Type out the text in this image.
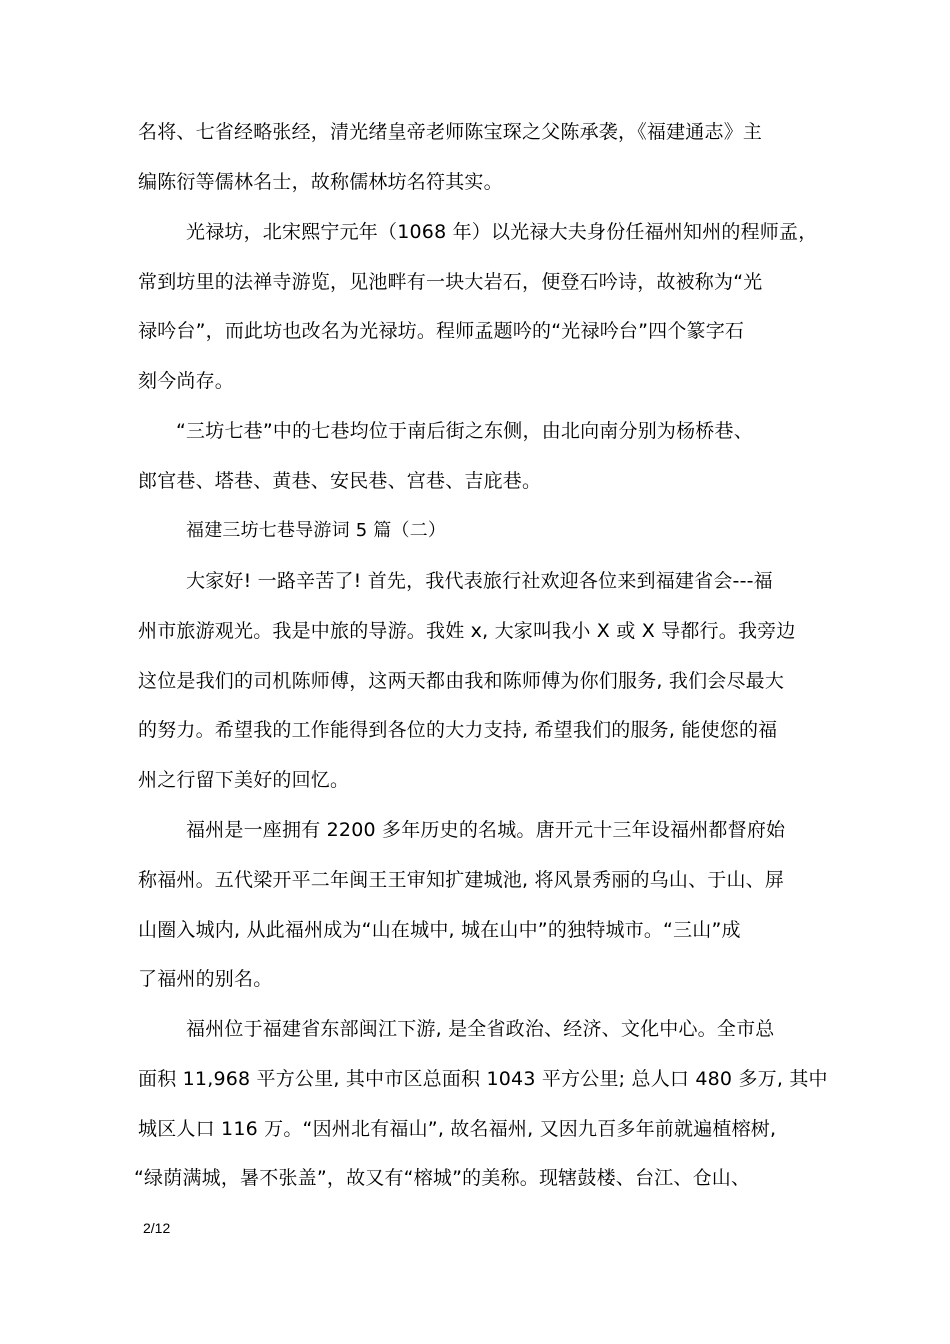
名将、七省经略张经，清光绪皇帝老师陈宝琛之父陈承袭，《福建通志》主
编陈衍等儒林名士，故称儒林坊名符其实。
光禄坊，北宋熙宁元年（1068 年）以光禄大夫身份任福州知州的程师孟，
常到坊里的法禅寺游览，见池畔有一块大岩石，便登石吟诗，故被称为“光
禄吟台”，而此坊也改名为光禄坊。程师孟题吟的“光禄吟台”四个篆字石
刻今尚存。
“三坊七巷”中的七巷均位于南后街之东侧，由北向南分别为杨桥巷、
郎官巷、塔巷、黄巷、安民巷、宫巷、吉庇巷。
福建三坊七巷导游词 5 篇（二）
大家好! 一路辛苦了! 首先，我代表旅行社欢迎各位来到福建省会---福
州市旅游观光。我是中旅的导游。我姓 x, 大家叫我小 X 或 X 导都行。我旁边
这位是我们的司机陈师傅，这两天都由我和陈师傅为你们服务, 我们会尽最大
的努力。希望我的工作能得到各位的大力支持, 希望我们的服务, 能使您的福
州之行留下美好的回忆。
福州是一座拥有 2200 多年历史的名城。唐开元十三年设福州都督府始
称福州。五代梁开平二年闽王王审知扩建城池, 将风景秀丽的乌山、于山、屏
山圈入城内, 从此福州成为“山在城中, 城在山中”的独特城市。“三山”成
了福州的别名。
福州位于福建省东部闽江下游, 是全省政治、经济、文化中心。全市总
面积 11,968 平方公里, 其中市区总面积 1043 平方公里; 总人口 480 多万, 其中
城区人口 116 万。“因州北有福山”, 故名福州, 又因九百多年前就遍植榕树,
“绿荫满城，暑不张盖”，故又有“榕城”的美称。现辖鼓楼、台江、仓山、
2/12
